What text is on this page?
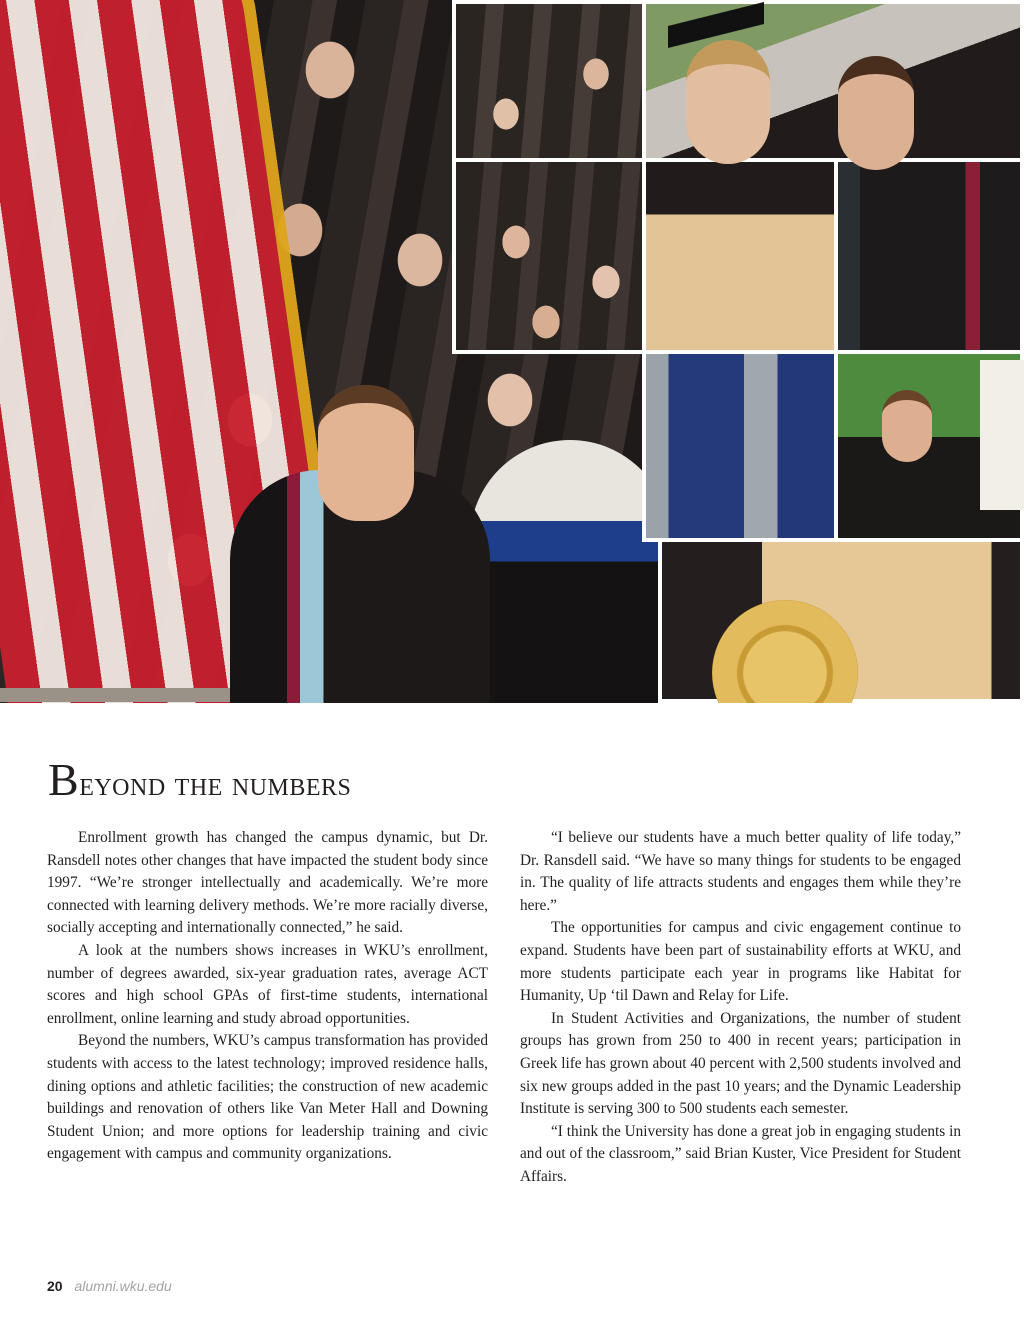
Beyond the numbers

Enrollment growth has changed the campus dynamic, but Dr. Ransdell notes other changes that have impacted the student body since 1997. “We’re stronger intellectually and academically. We’re more connected with learning delivery methods. We’re more racially diverse, socially accepting and internationally connected,” he said.

A look at the numbers shows increases in WKU’s enrollment, number of degrees awarded, six-year graduation rates, average ACT scores and high school GPAs of first-time students, international enrollment, online learning and study abroad opportunities.

Beyond the numbers, WKU’s campus transformation has provided students with access to the latest technology; improved residence halls, dining options and athletic facilities; the construction of new academic buildings and renovation of others like Van Meter Hall and Downing Student Union; and more options for leadership training and civic engagement with campus and community organizations.

“I believe our students have a much better quality of life today,” Dr. Ransdell said. “We have so many things for students to be engaged in. The quality of life attracts students and engages them while they’re here.”

The opportunities for campus and civic engagement continue to expand. Students have been part of sustainability efforts at WKU, and more students participate each year in programs like Habitat for Humanity, Up ‘til Dawn and Relay for Life.

In Student Activities and Organizations, the number of student groups has grown from 250 to 400 in recent years; participation in Greek life has grown about 40 percent with 2,500 students involved and six new groups added in the past 10 years; and the Dynamic Leadership Institute is serving 300 to 500 students each semester.

“I think the University has done a great job in engaging students in and out of the classroom,” said Brian Kuster, Vice President for Student Affairs.

20 alumni.wku.edu
